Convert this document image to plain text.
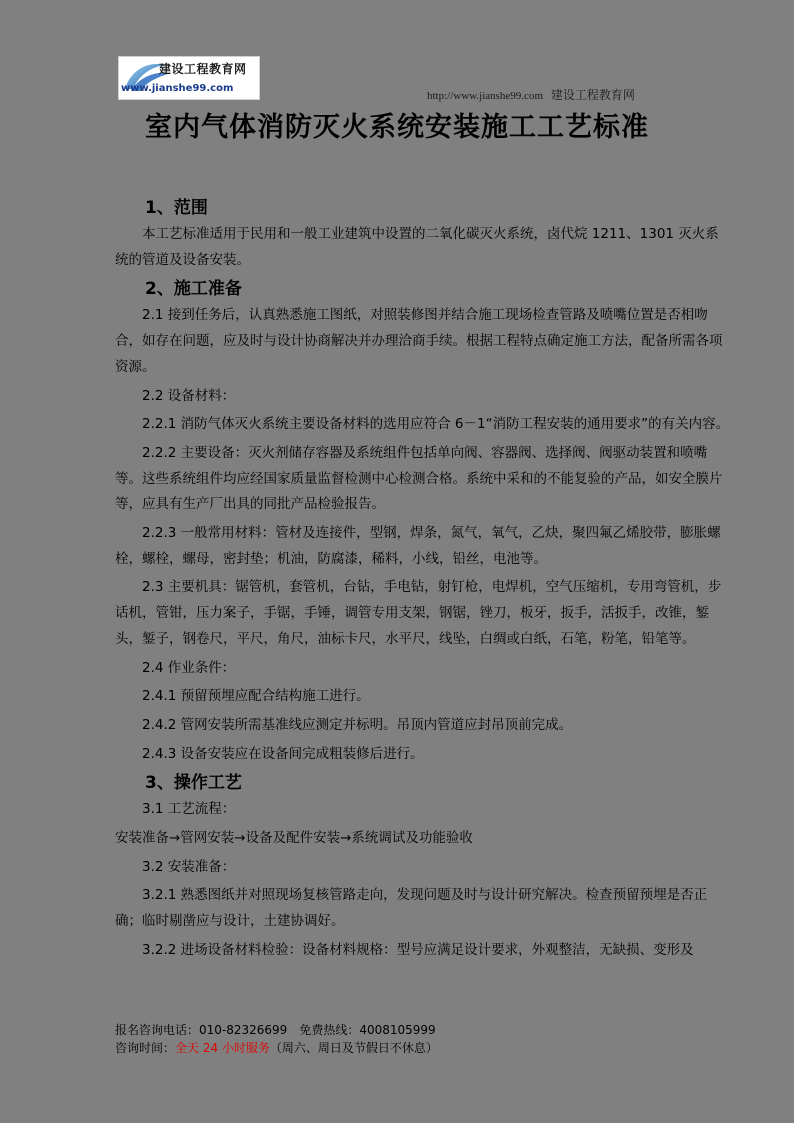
建设工程教育网
www.jianshe99.com
http://www.jianshe99.com 建设工程教育网
室内气体消防灭火系统安装施工工艺标准
1、范围

本工艺标准适用于民用和一般工业建筑中设置的二氧化碳灭火系统，卤代烷 1211、1301 灭火系统的管道及设备安装。

2、施工准备

2.1 接到任务后，认真熟悉施工图纸，对照装修图并结合施工现场检查管路及喷嘴位置是否相吻合，如存在问题，应及时与设计协商解决并办理洽商手续。根据工程特点确定施工方法，配备所需各项资源。

2.2 设备材料：

2.2.1 消防气体灭火系统主要设备材料的选用应符合 6－1“消防工程安装的通用要求”的有关内容。

2.2.2 主要设备：灭火剂储存容器及系统组件包括单向阀、容器阀、选择阀、阀驱动装置和喷嘴等。这些系统组件均应经国家质量监督检测中心检测合格。系统中采和的不能复验的产品，如安全膜片等，应具有生产厂出具的同批产品检验报告。

2.2.3 一般常用材料：管材及连接件，型钢，焊条，氮气，氧气，乙炔，聚四氟乙烯胶带，膨胀螺栓，螺栓，螺母，密封垫；机油，防腐漆，稀料，小线，铅丝，电池等。

2.3 主要机具：锯管机，套管机，台钻，手电钻，射钉枪，电焊机，空气压缩机，专用弯管机，步话机，管钳，压力案子，手锯，手锤，调管专用支架，钢锯，锉刀，板牙，扳手，活扳手，改锥，錾头，錾子，钢卷尺，平尺，角尺，油标卡尺，水平尺，线坠，白绸或白纸，石笔，粉笔，铅笔等。

2.4 作业条件：

2.4.1 预留预埋应配合结构施工进行。

2.4.2 管网安装所需基准线应测定并标明。吊顶内管道应封吊顶前完成。

2.4.3 设备安装应在设备间完成粗装修后进行。

3、操作工艺

3.1 工艺流程：

安装准备→管网安装→设备及配件安装→系统调试及功能验收

3.2 安装准备：

3.2.1 熟悉图纸并对照现场复核管路走向，发现问题及时与设计研究解决。检查预留预埋是否正确；临时剔凿应与设计，土建协调好。

3.2.2 进场设备材料检验：设备材料规格：型号应满足设计要求，外观整洁，无缺损、变形及

报名咨询电话：010-82326699　免费热线：4008105999
咨询时间：全天 24 小时服务（周六、周日及节假日不休息）
